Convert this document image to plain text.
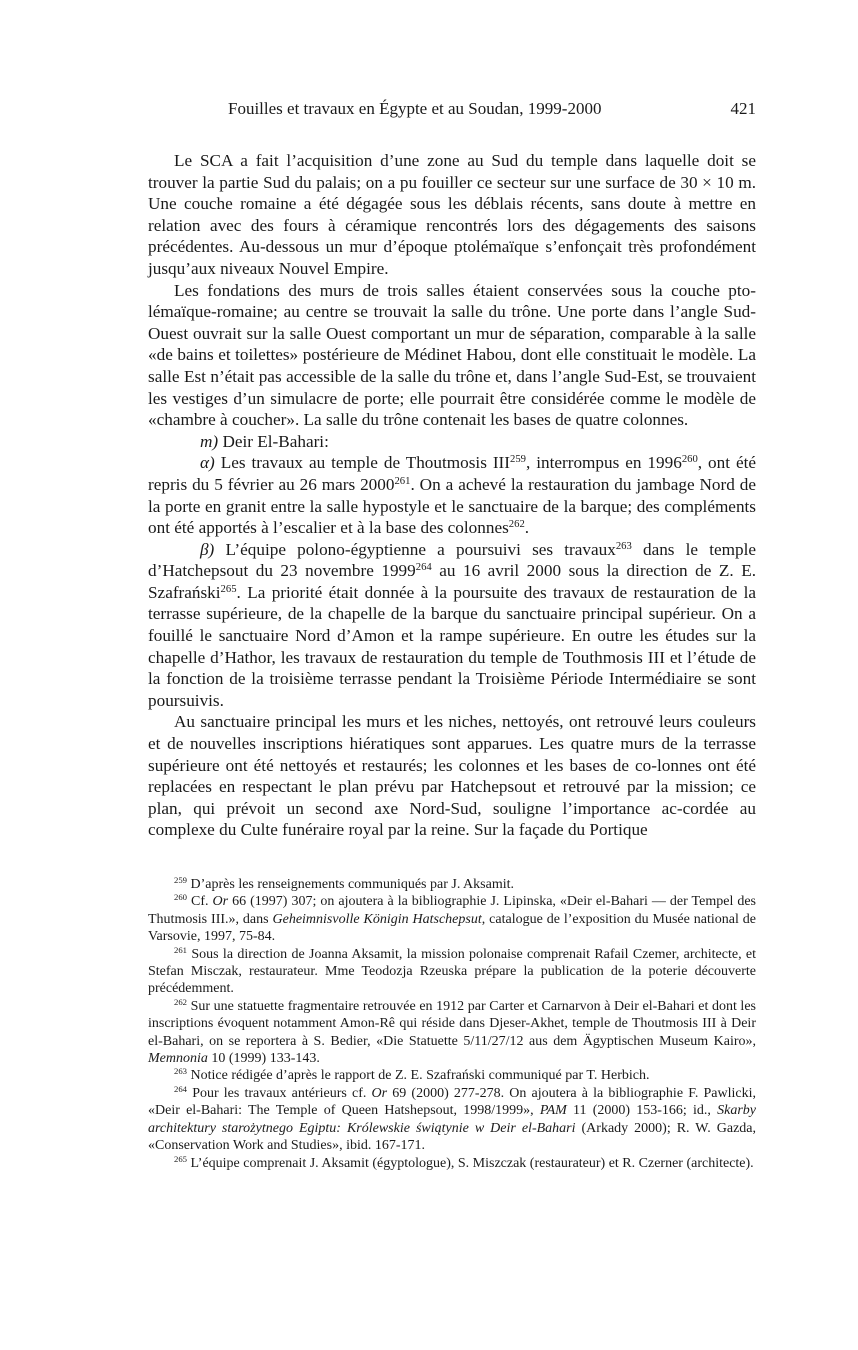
Fouilles et travaux en Égypte et au Soudan, 1999-2000	421

Le SCA a fait l’acquisition d’une zone au Sud du temple dans laquelle doit se trouver la partie Sud du palais; on a pu fouiller ce secteur sur une surface de 30 × 10 m. Une couche romaine a été dégagée sous les déblais récents, sans doute à mettre en relation avec des fours à céramique rencontrés lors des dégagements des saisons précédentes. Au-dessous un mur d’époque ptolémaïque s’enfonçait très profondément jusqu’aux niveaux Nouvel Empire.

Les fondations des murs de trois salles étaient conservées sous la couche pto-lémaïque-romaine; au centre se trouvait la salle du trône. Une porte dans l’angle Sud-Ouest ouvrait sur la salle Ouest comportant un mur de séparation, comparable à la salle «de bains et toilettes» postérieure de Médinet Habou, dont elle constituait le modèle. La salle Est n’était pas accessible de la salle du trône et, dans l’angle Sud-Est, se trouvaient les vestiges d’un simulacre de porte; elle pourrait être considérée comme le modèle de «chambre à coucher». La salle du trône contenait les bases de quatre colonnes.

m) Deir El-Bahari:

α) Les travaux au temple de Thoutmosis III$^{259}$, interrompus en 1996$^{260}$, ont été repris du 5 février au 26 mars 2000$^{261}$. On a achevé la restauration du jambage Nord de la porte en granit entre la salle hypostyle et le sanctuaire de la barque; des compléments ont été apportés à l’escalier et à la base des colonnes$^{262}$.

β) L’équipe polono-égyptienne a poursuivi ses travaux$^{263}$ dans le temple d’Hatchepsout du 23 novembre 1999$^{264}$ au 16 avril 2000 sous la direction de Z. E. Szafrański$^{265}$. La priorité était donnée à la poursuite des travaux de restauration de la terrasse supérieure, de la chapelle de la barque du sanctuaire principal supérieur. On a fouillé le sanctuaire Nord d’Amon et la rampe supérieure. En outre les études sur la chapelle d’Hathor, les travaux de restauration du temple de Touthmosis III et l’étude de la fonction de la troisième terrasse pendant la Troisième Période Intermédiaire se sont poursuivis.

Au sanctuaire principal les murs et les niches, nettoyés, ont retrouvé leurs couleurs et de nouvelles inscriptions hiératiques sont apparues. Les quatre murs de la terrasse supérieure ont été nettoyés et restaurés; les colonnes et les bases de co-lonnes ont été replacées en respectant le plan prévu par Hatchepsout et retrouvé par la mission; ce plan, qui prévoit un second axe Nord-Sud, souligne l’importance ac-cordée au complexe du Culte funéraire royal par la reine. Sur la façade du Portique

$^{259}$ D’après les renseignements communiqués par J. Aksamit.

$^{260}$ Cf. Or 66 (1997) 307; on ajoutera à la bibliographie J. Lipinska, «Deir el-Bahari — der Tempel des Thutmosis III.», dans Geheimnisvolle Königin Hatschepsut, catalogue de l’exposition du Musée national de Varsovie, 1997, 75-84.

$^{261}$ Sous la direction de Joanna Aksamit, la mission polonaise comprenait Rafail Czemer, architecte, et Stefan Misczak, restaurateur. Mme Teodozja Rzeuska prépare la publication de la poterie découverte précédemment.

$^{262}$ Sur une statuette fragmentaire retrouvée en 1912 par Carter et Carnarvon à Deir el-Bahari et dont les inscriptions évoquent notamment Amon-Rê qui réside dans Djeser-Akhet, temple de Thoutmosis III à Deir el-Bahari, on se reportera à S. Bedier, «Die Statuette 5/11/27/12 aus dem Ägyptischen Museum Kairo», Memnonia 10 (1999) 133-143.

$^{263}$ Notice rédigée d’après le rapport de Z. E. Szafrański communiqué par T. Herbich.

$^{264}$ Pour les travaux antérieurs cf. Or 69 (2000) 277-278. On ajoutera à la bibliographie F. Pawlicki, «Deir el-Bahari: The Temple of Queen Hatshepsout, 1998/1999», PAM 11 (2000) 153-166; id., Skarby architektury starożytnego Egiptu: Królewskie świątynie w Deir el-Bahari (Arkady 2000); R. W. Gazda, «Conservation Work and Studies», ibid. 167-171.

$^{265}$ L’équipe comprenait J. Aksamit (égyptologue), S. Miszczak (restaurateur) et R. Czerner (architecte).
